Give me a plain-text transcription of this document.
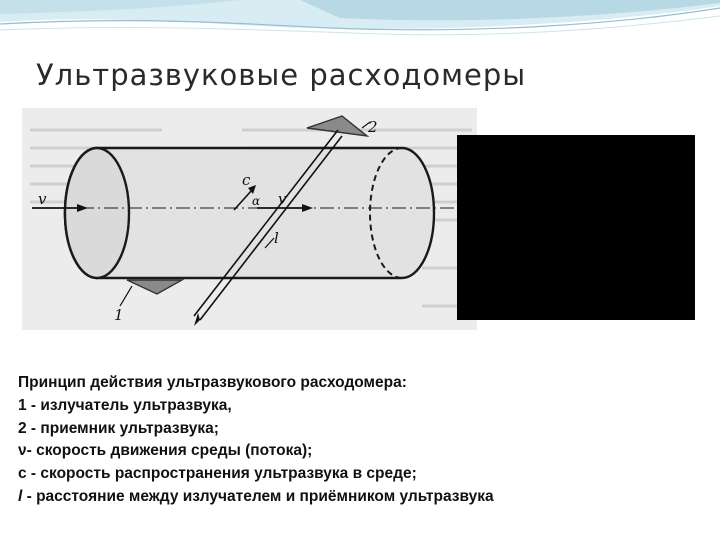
Ультразвуковые расходомеры
v	v
c
α
l
2
1
Принцип действия ультразвукового расходомера:
1 - излучатель ультразвука,
2 - приемник ультразвука;
ν- скорость движения среды (потока);
c - скорость распространения ультразвука в среде;
l - расстояние между излучателем и приёмником ультразвука
